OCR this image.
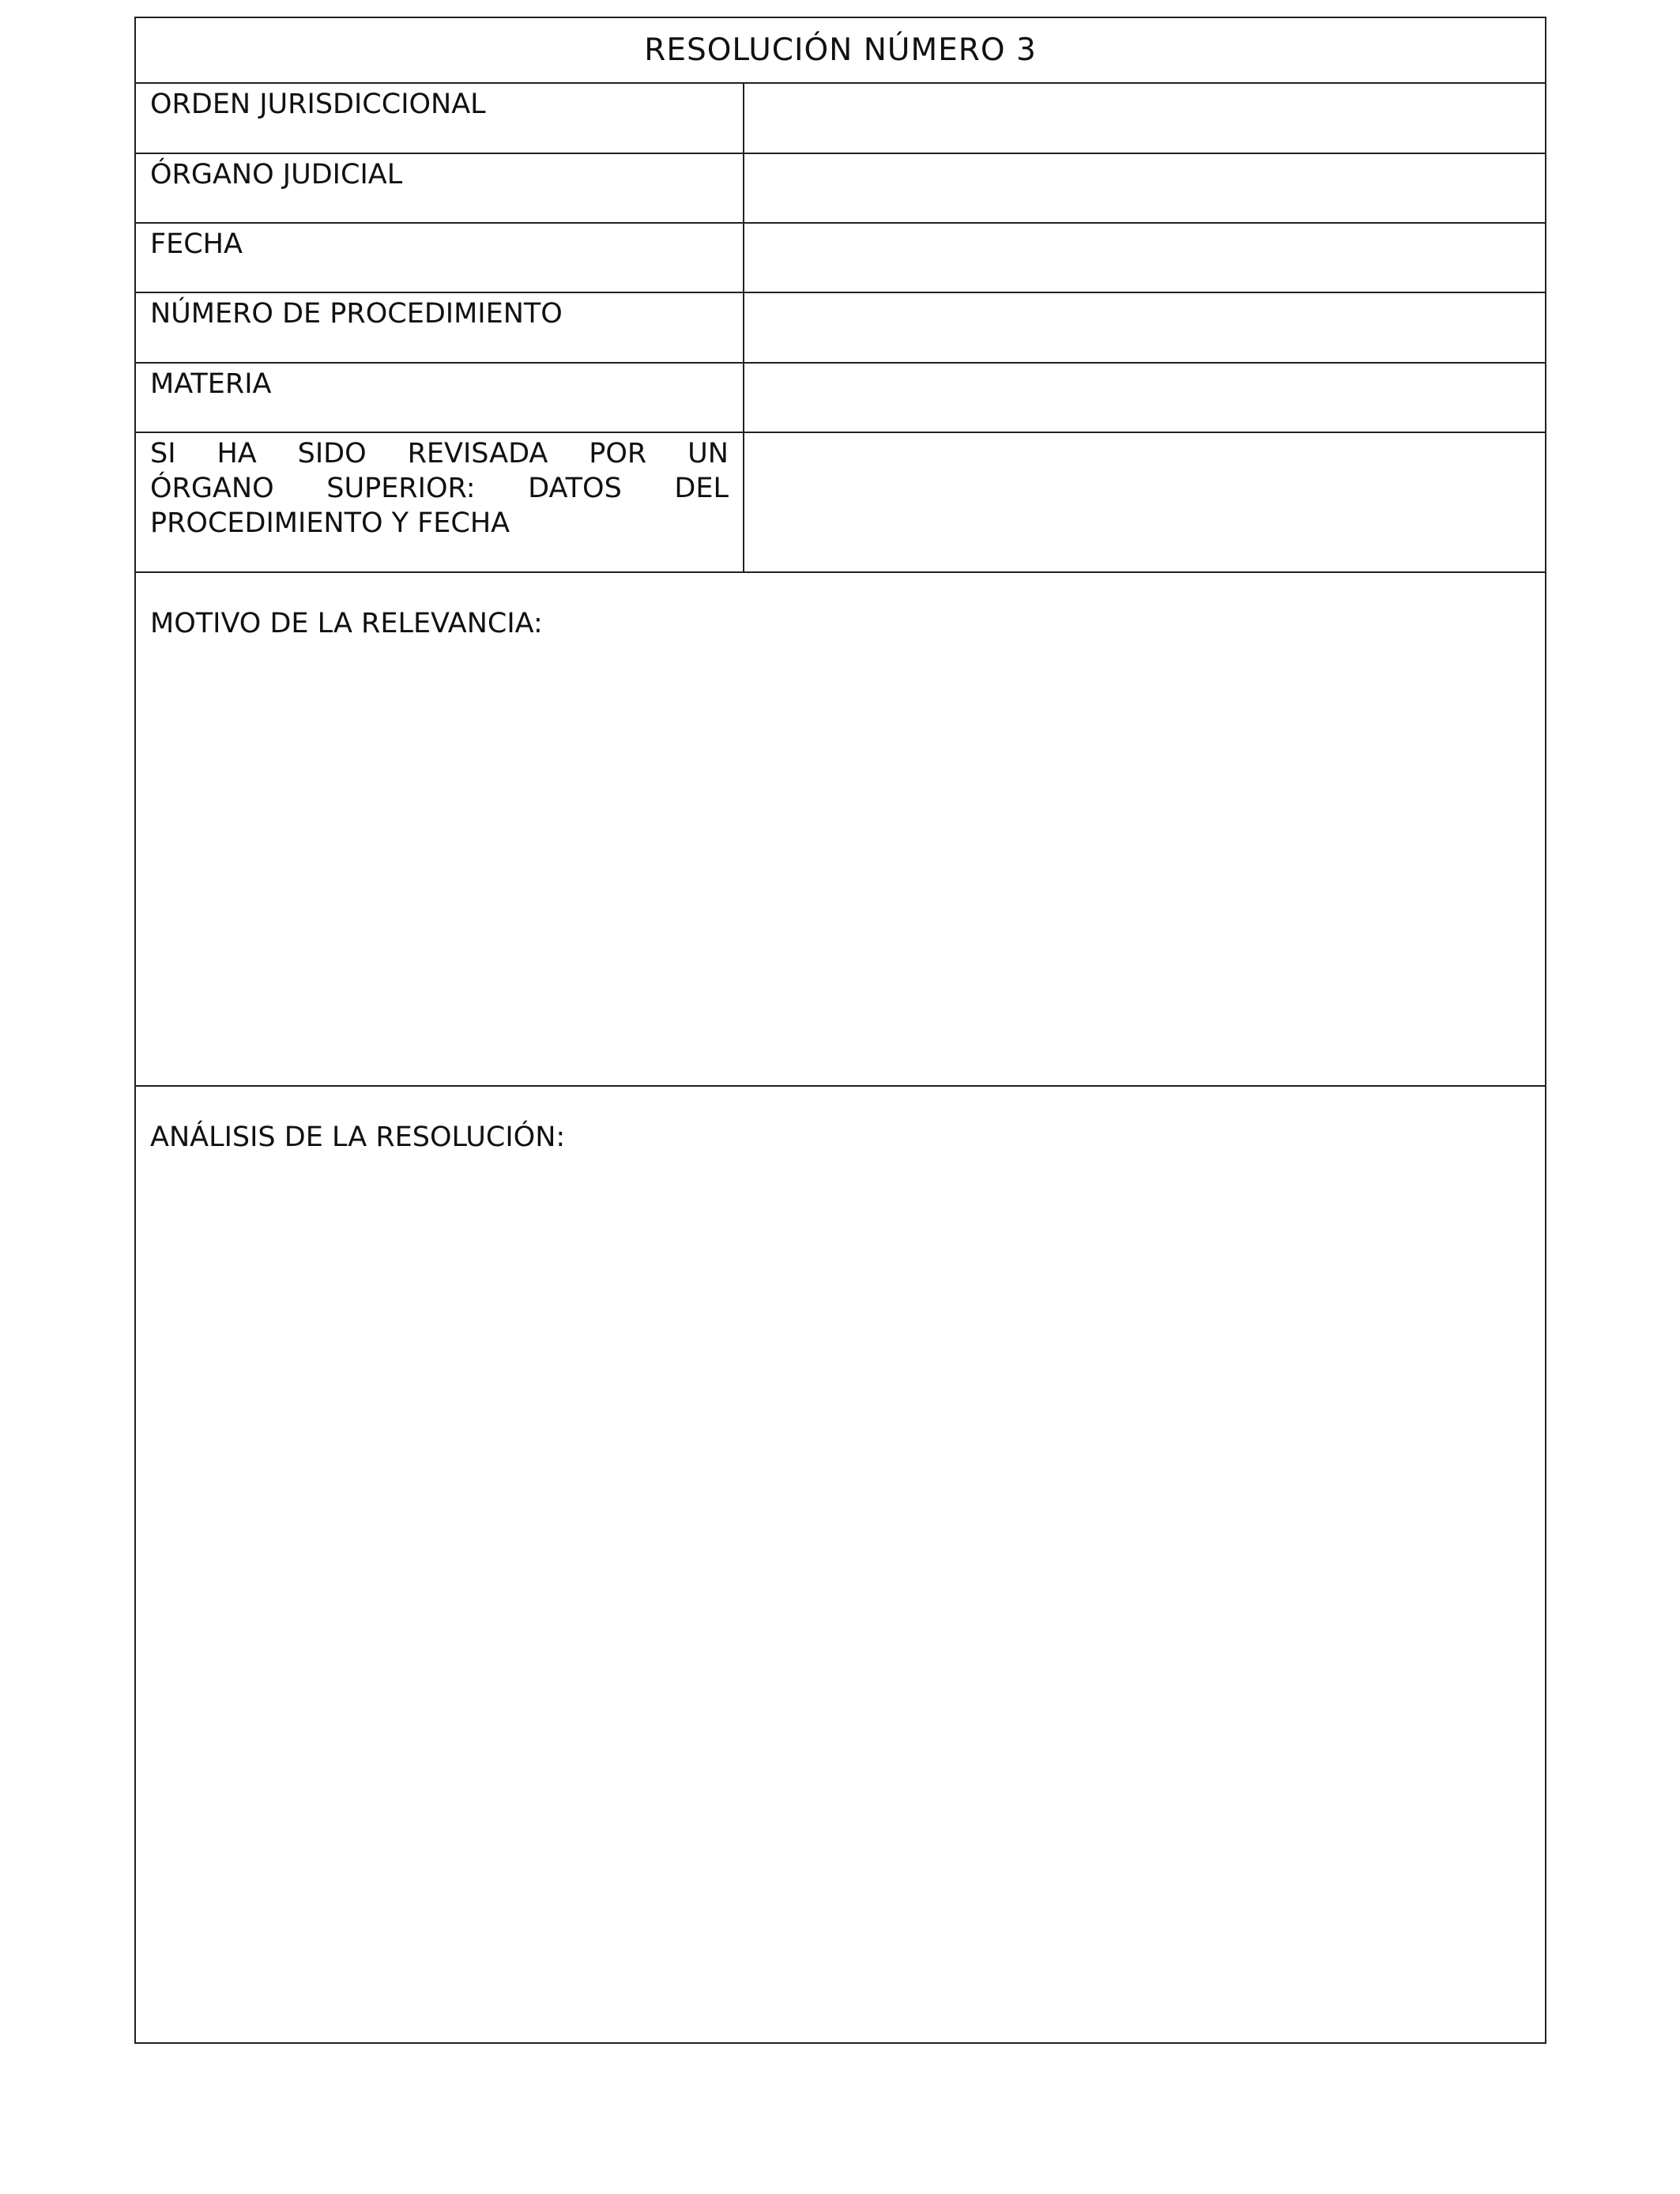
RESOLUCIÓN NÚMERO 3
ORDEN JURISDICCIONAL
ÓRGANO JUDICIAL
FECHA
NÚMERO DE PROCEDIMIENTO
MATERIA
SI HA SIDO REVISADA POR UN
ÓRGANO SUPERIOR: DATOS DEL
PROCEDIMIENTO Y FECHA
MOTIVO DE LA RELEVANCIA:
ANÁLISIS DE LA RESOLUCIÓN:
